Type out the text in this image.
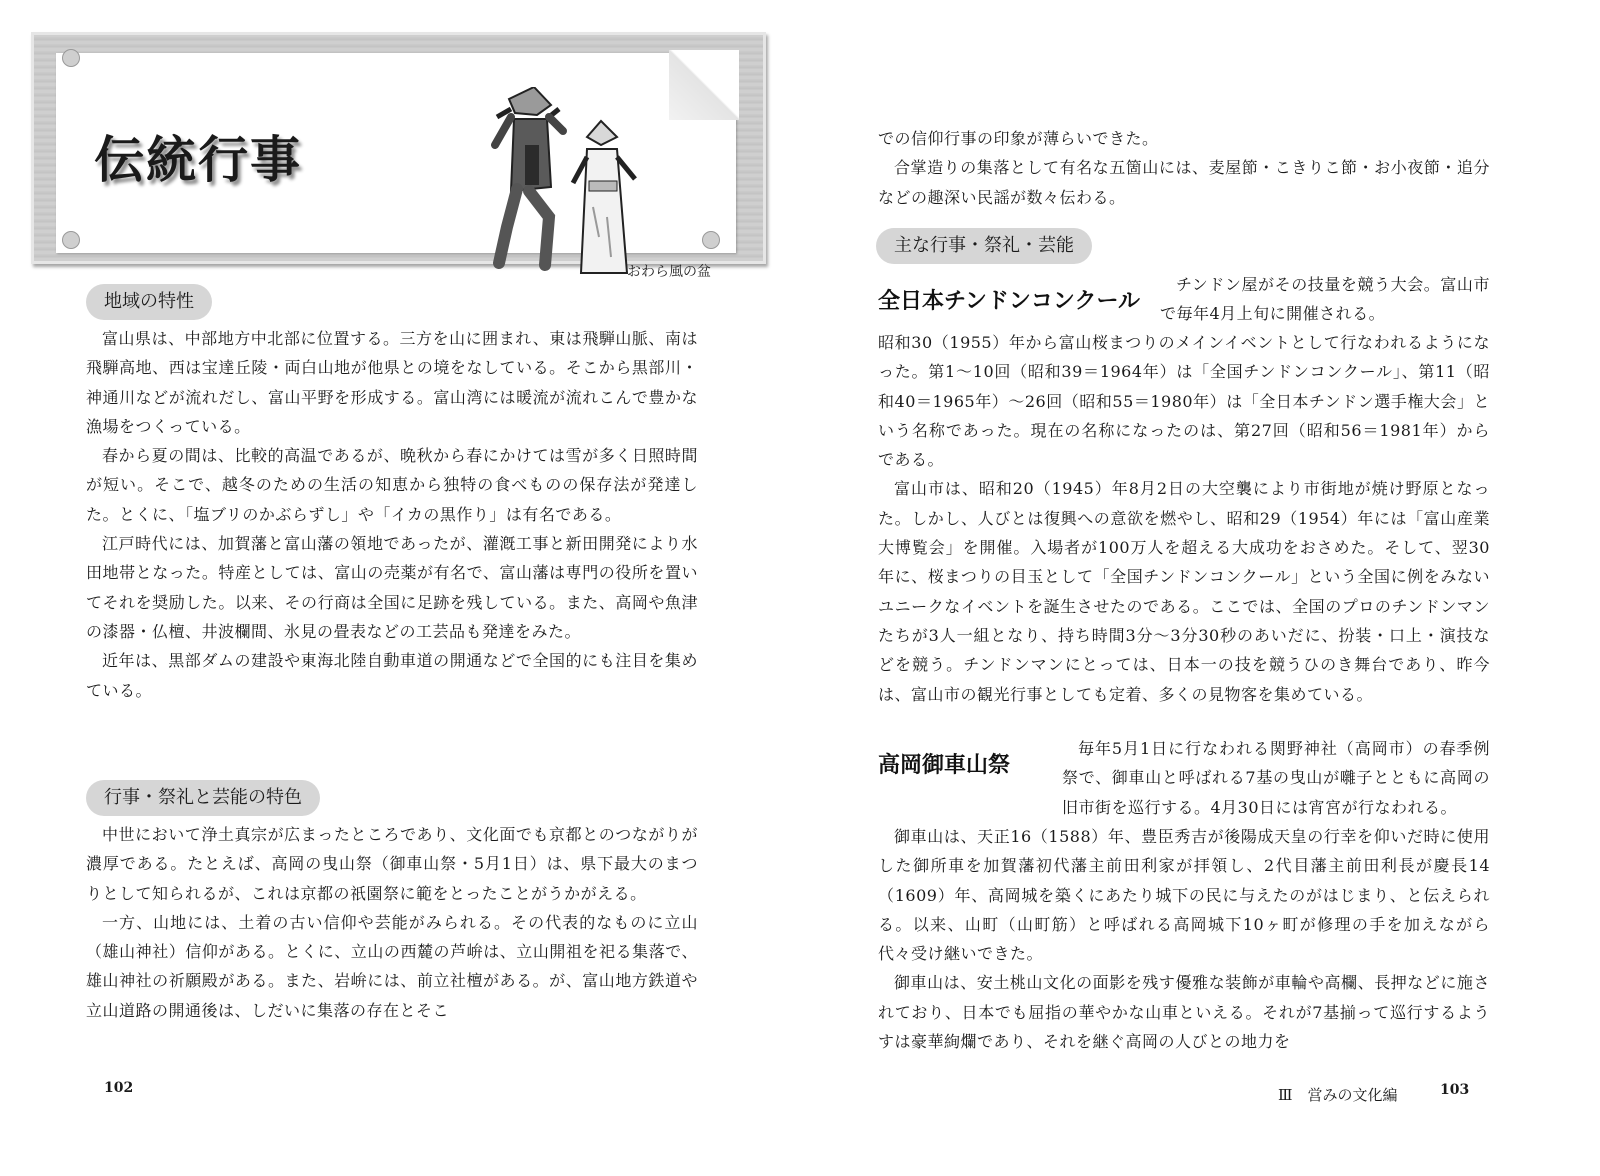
伝統行事
おわら風の盆
地域の特性

富山県は、中部地方中北部に位置する。三方を山に囲まれ、東は飛騨山脈、南は飛騨高地、西は宝達丘陵・両白山地が他県との境をなしている。そこから黒部川・神通川などが流れだし、富山平野を形成する。富山湾には暖流が流れこんで豊かな漁場をつくっている。

春から夏の間は、比較的高温であるが、晩秋から春にかけては雪が多く日照時間が短い。そこで、越冬のための生活の知恵から独特の食べものの保存法が発達した。とくに、「塩ブリのかぶらずし」や「イカの黒作り」は有名である。

江戸時代には、加賀藩と富山藩の領地であったが、灌漑工事と新田開発により水田地帯となった。特産としては、富山の売薬が有名で、富山藩は専門の役所を置いてそれを奨励した。以来、その行商は全国に足跡を残している。また、高岡や魚津の漆器・仏檀、井波欄間、氷見の畳表などの工芸品も発達をみた。

近年は、黒部ダムの建設や東海北陸自動車道の開通などで全国的にも注目を集めている。

行事・祭礼と芸能の特色

中世において浄土真宗が広まったところであり、文化面でも京都とのつながりが濃厚である。たとえば、高岡の曳山祭（御車山祭・5月1日）は、県下最大のまつりとして知られるが、これは京都の祇園祭に範をとったことがうかがえる。

一方、山地には、土着の古い信仰や芸能がみられる。その代表的なものに立山（雄山神社）信仰がある。とくに、立山の西麓の芦峅は、立山開祖を祀る集落で、雄山神社の祈願殿がある。また、岩峅には、前立社檀がある。が、富山地方鉄道や立山道路の開通後は、しだいに集落の存在とそこ

102

での信仰行事の印象が薄らいできた。

合掌造りの集落として有名な五箇山には、麦屋節・こきりこ節・お小夜節・追分などの趣深い民謡が数々伝わる。

主な行事・祭礼・芸能
全日本チンドンコンクール

チンドン屋がその技量を競う大会。富山市で毎年4月上旬に開催される。

昭和30（1955）年から富山桜まつりのメインイベントとして行なわれるようになった。第1〜10回（昭和39＝1964年）は「全国チンドンコンクール」、第11（昭和40＝1965年）〜26回（昭和55＝1980年）は「全日本チンドン選手権大会」という名称であった。現在の名称になったのは、第27回（昭和56＝1981年）からである。

富山市は、昭和20（1945）年8月2日の大空襲により市街地が焼け野原となった。しかし、人びとは復興への意欲を燃やし、昭和29（1954）年には「富山産業大博覧会」を開催。入場者が100万人を超える大成功をおさめた。そして、翌30年に、桜まつりの目玉として「全国チンドンコンクール」という全国に例をみないユニークなイベントを誕生させたのである。ここでは、全国のプロのチンドンマンたちが3人一組となり、持ち時間3分〜3分30秒のあいだに、扮装・口上・演技などを競う。チンドンマンにとっては、日本一の技を競うひのき舞台であり、昨今は、富山市の観光行事としても定着、多くの見物客を集めている。

高岡御車山祭

毎年5月1日に行なわれる関野神社（高岡市）の春季例祭で、御車山と呼ばれる7基の曳山が囃子とともに高岡の旧市街を巡行する。4月30日には宵宮が行なわれる。

御車山は、天正16（1588）年、豊臣秀吉が後陽成天皇の行幸を仰いだ時に使用した御所車を加賀藩初代藩主前田利家が拝領し、2代目藩主前田利長が慶長14（1609）年、高岡城を築くにあたり城下の民に与えたのがはじまり、と伝えられる。以来、山町（山町筋）と呼ばれる高岡城下10ヶ町が修理の手を加えながら代々受け継いできた。

御車山は、安土桃山文化の面影を残す優雅な装飾が車輪や高欄、長押などに施されており、日本でも屈指の華やかな山車といえる。それが7基揃って巡行するようすは豪華絢爛であり、それを継ぐ高岡の人びとの地力を

Ⅲ　営みの文化編	103
